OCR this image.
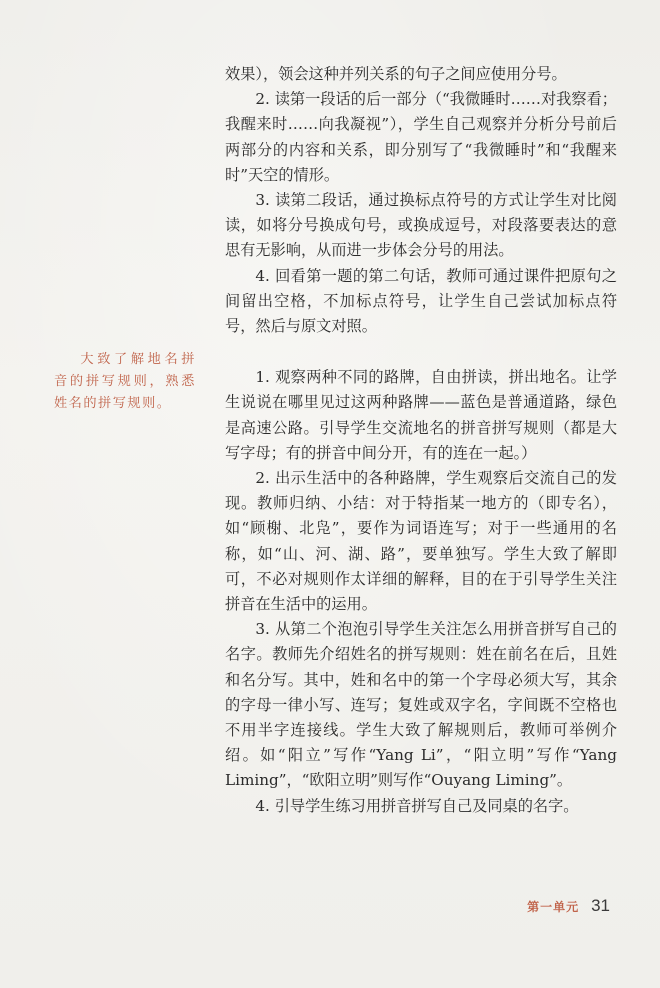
效果），领会这种并列关系的句子之间应使用分号。

2. 读第一段话的后一部分（“我微睡时……对我察看；我醒来时……向我凝视”），学生自己观察并分析分号前后两部分的内容和关系，即分别写了“我微睡时”和“我醒来时”天空的情形。

3. 读第二段话，通过换标点符号的方式让学生对比阅读，如将分号换成句号，或换成逗号，对段落要表达的意思有无影响，从而进一步体会分号的用法。

4. 回看第一题的第二句话，教师可通过课件把原句之间留出空格，不加标点符号，让学生自己尝试加标点符号，然后与原文对照。

1. 观察两种不同的路牌，自由拼读，拼出地名。让学生说说在哪里见过这两种路牌——蓝色是普通道路，绿色是高速公路。引导学生交流地名的拼音拼写规则（都是大写字母；有的拼音中间分开，有的连在一起。）

2. 出示生活中的各种路牌，学生观察后交流自己的发现。教师归纳、小结：对于特指某一地方的（即专名），如“顾榭、北凫”，要作为词语连写；对于一些通用的名称，如“山、河、湖、路”，要单独写。学生大致了解即可，不必对规则作太详细的解释，目的在于引导学生关注拼音在生活中的运用。

3. 从第二个泡泡引导学生关注怎么用拼音拼写自己的名字。教师先介绍姓名的拼写规则：姓在前名在后，且姓和名分写。其中，姓和名中的第一个字母必须大写，其余的字母一律小写、连写；复姓或双字名，字间既不空格也不用半字连接线。学生大致了解规则后，教师可举例介绍。如“阳立”写作“Yang Li”，“阳立明”写作“Yang Liming”，“欧阳立明”则写作“Ouyang Liming”。

4. 引导学生练习用拼音拼写自己及同桌的名字。

大致了解地名拼音的拼写规则，熟悉姓名的拼写规则。
第一单元 31
